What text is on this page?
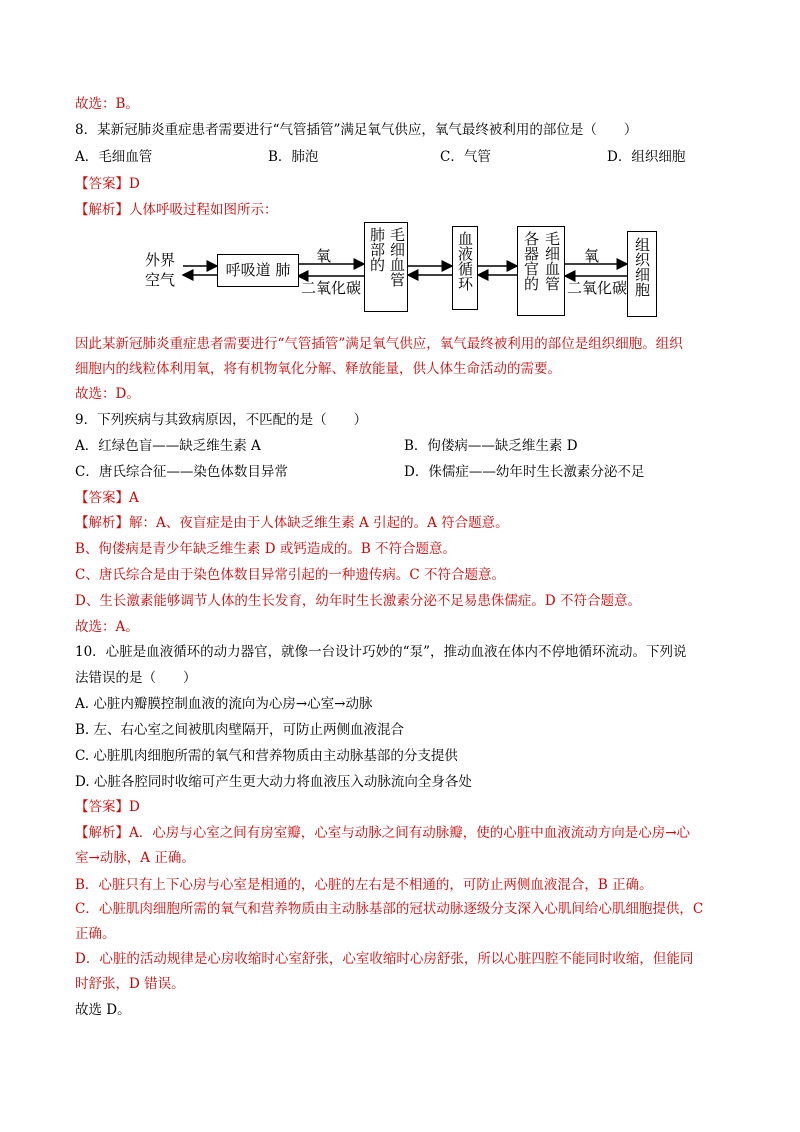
故选：B。
8．某新冠肺炎重症患者需要进行“气管插管”满足氧气供应，氧气最终被利用的部位是（　　）
A．毛细血管	B．肺泡	C．气管	D．组织细胞
【答案】D
【解析】人体呼吸过程如图所示：
外界
空气
呼吸道 肺
氧
二氧化碳
毛细血管
肺部的	血液循环	毛细血管
各器官的	氧
二氧化碳 组织细胞
因此某新冠肺炎重症患者需要进行“气管插管”满足氧气供应，氧气最终被利用的部位是组织细胞。组织
细胞内的线粒体利用氧，将有机物氧化分解、释放能量，供人体生命活动的需要。
故选：D。
9．下列疾病与其致病原因，不匹配的是（　　）
A．红绿色盲——缺乏维生素 A	B．佝偻病——缺乏维生素 D
C．唐氏综合征——染色体数目异常	D．侏儒症——幼年时生长激素分泌不足
【答案】A
【解析】解：A、夜盲症是由于人体缺乏维生素 A 引起的。A 符合题意。
B、佝偻病是青少年缺乏维生素 D 或钙造成的。B 不符合题意。
C、唐氏综合是由于染色体数目异常引起的一种遗传病。C 不符合题意。
D、生长激素能够调节人体的生长发育，幼年时生长激素分泌不足易患侏儒症。D 不符合题意。
故选：A。
10．心脏是血液循环的动力器官，就像一台设计巧妙的“泵”，推动血液在体内不停地循环流动。下列说
法错误的是（　　）
A. 心脏内瓣膜控制血液的流向为心房→心室→动脉
B. 左、右心室之间被肌肉壁隔开，可防止两侧血液混合
C. 心脏肌肉细胞所需的氧气和营养物质由主动脉基部的分支提供
D. 心脏各腔同时收缩可产生更大动力将血液压入动脉流向全身各处
【答案】D
【解析】A．心房与心室之间有房室瓣，心室与动脉之间有动脉瓣，使的心脏中血液流动方向是心房→心
室→动脉，A 正确。
B．心脏只有上下心房与心室是相通的，心脏的左右是不相通的，可防止两侧血液混合，B 正确。
C．心脏肌肉细胞所需的氧气和营养物质由主动脉基部的冠状动脉逐级分支深入心肌间给心肌细胞提供，C
正确。
D．心脏的活动规律是心房收缩时心室舒张，心室收缩时心房舒张，所以心脏四腔不能同时收缩，但能同
时舒张，D 错误。
故选 D。
